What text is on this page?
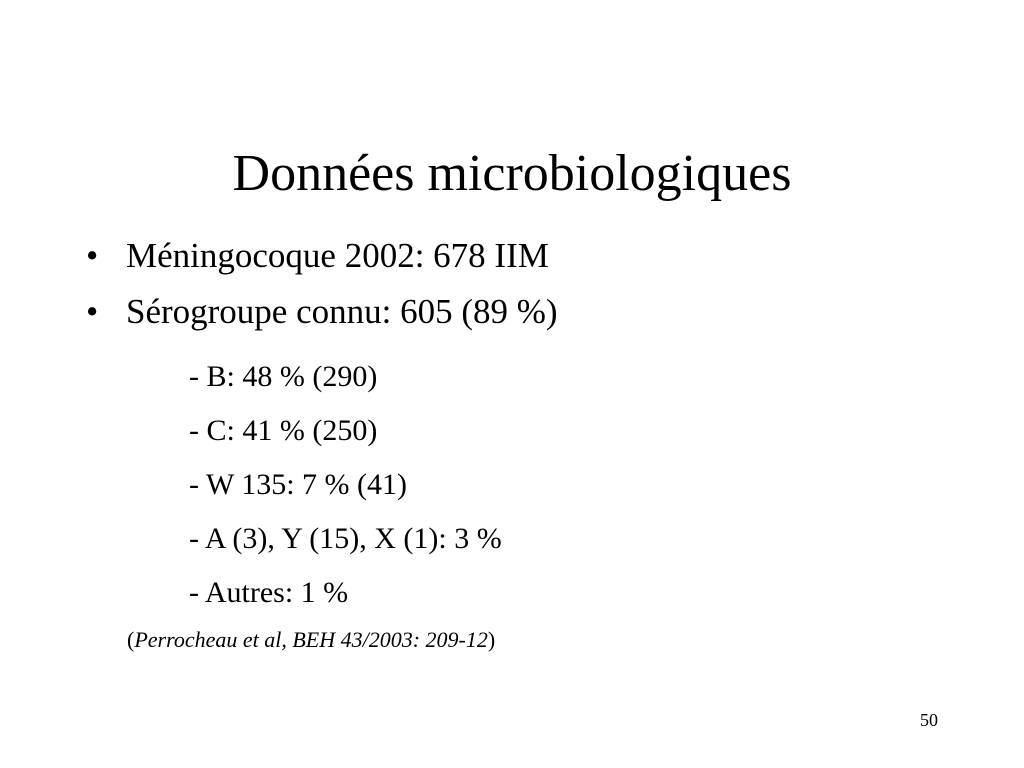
Données microbiologiques
• Méningocoque 2002: 678 IIM
• Sérogroupe connu: 605 (89 %)
- B: 48 % (290)
- C: 41 % (250)
- W 135: 7 % (41)
- A (3), Y (15), X (1): 3 %
- Autres: 1 %
(Perrocheau et al, BEH 43/2003: 209-12)
50
